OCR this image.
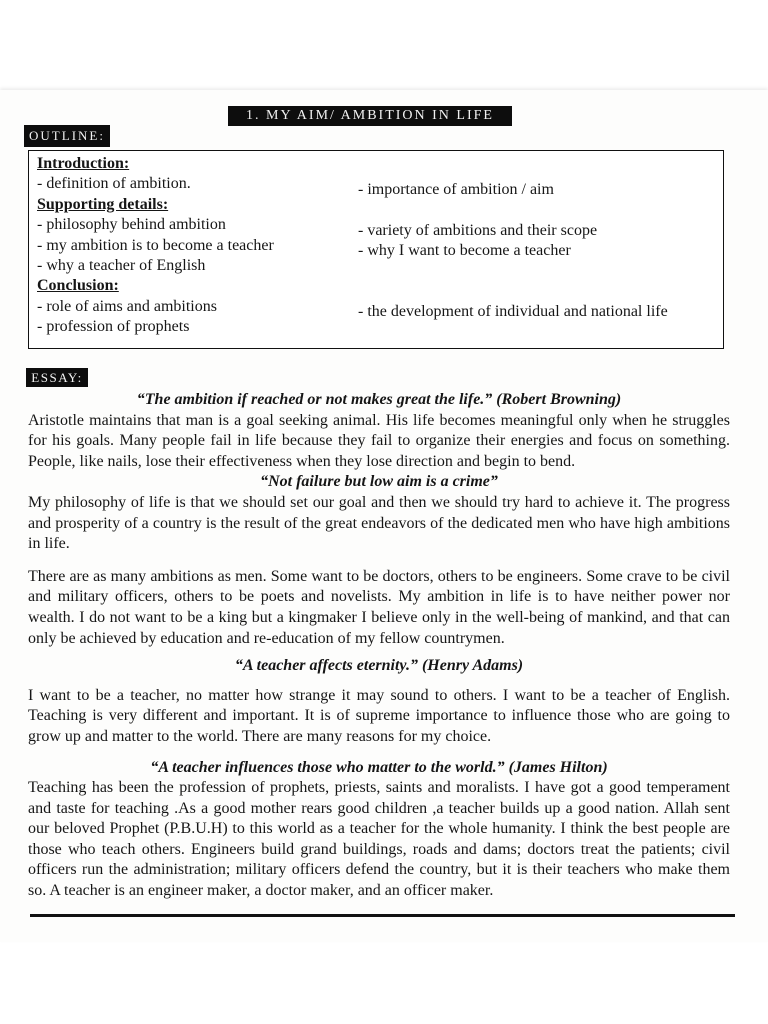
1. MY AIM/ AMBITION IN LIFE
OUTLINE:
Introduction:
- definition of ambition.
Supporting details:
- philosophy behind ambition
- my ambition is to become a teacher
- why a teacher of English
Conclusion:
- role of aims and ambitions
- profession of prophets
- importance of ambition / aim
- variety of ambitions and their scope
- why I want to become a teacher
- the development of individual and national life
ESSAY:

“The ambition if reached or not makes great the life.” (Robert Browning)

Aristotle maintains that man is a goal seeking animal. His life becomes meaningful only when he struggles for his goals. Many people fail in life because they fail to organize their energies and focus on something. People, like nails, lose their effectiveness when they lose direction and begin to bend.

“Not failure but low aim is a crime”

My philosophy of life is that we should set our goal and then we should try hard to achieve it. The progress and prosperity of a country is the result of the great endeavors of the dedicated men who have high ambitions in life.

There are as many ambitions as men. Some want to be doctors, others to be engineers. Some crave to be civil and military officers, others to be poets and novelists. My ambition in life is to have neither power nor wealth. I do not want to be a king but a kingmaker I believe only in the well-being of mankind, and that can only be achieved by education and re-education of my fellow countrymen.

“A teacher affects eternity.” (Henry Adams)

I want to be a teacher, no matter how strange it may sound to others. I want to be a teacher of English. Teaching is very different and important. It is of supreme importance to influence those who are going to grow up and matter to the world. There are many reasons for my choice.

“A teacher influences those who matter to the world.” (James Hilton)

Teaching has been the profession of prophets, priests, saints and moralists. I have got a good temperament and taste for teaching .As a good mother rears good children ,a teacher builds up a good nation. Allah sent our beloved Prophet (P.B.U.H) to this world as a teacher for the whole humanity. I think the best people are those who teach others. Engineers build grand buildings, roads and dams; doctors treat the patients; civil officers run the administration; military officers defend the country, but it is their teachers who make them so. A teacher is an engineer maker, a doctor maker, and an officer maker.
